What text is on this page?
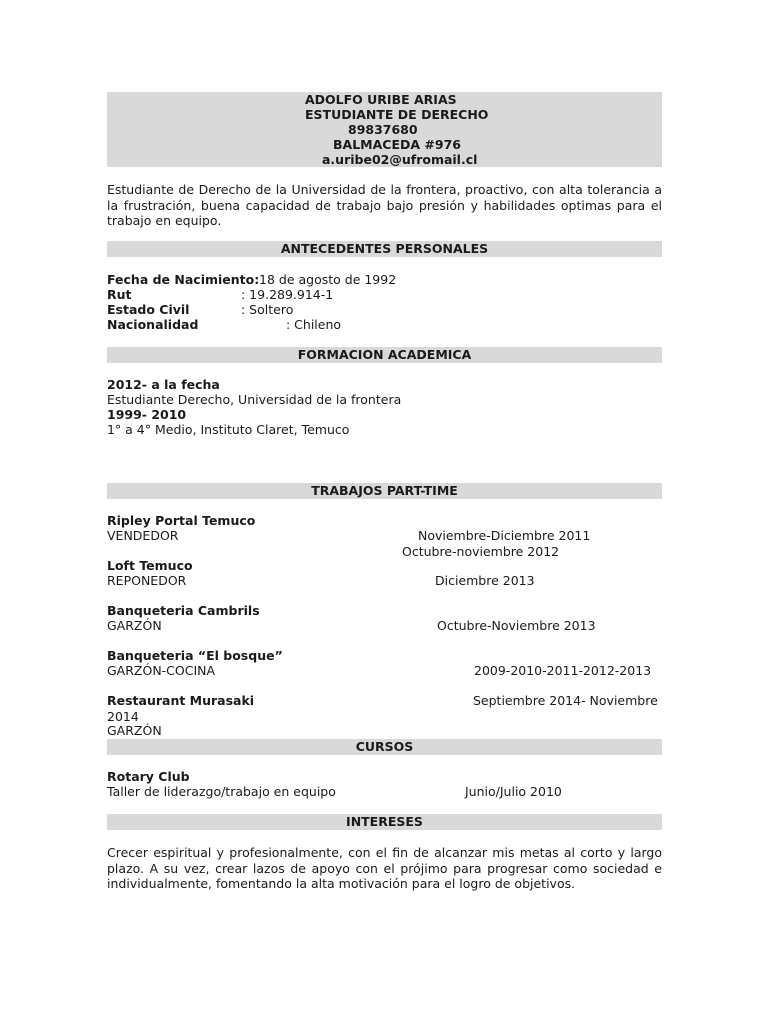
ADOLFO URIBE ARIAS
ESTUDIANTE DE DERECHO
89837680
BALMACEDA #976
a.uribe02@ufromail.cl
Estudiante de Derecho de la Universidad de la frontera, proactivo, con alta tolerancia a la frustración, buena capacidad de trabajo bajo presión y habilidades optimas para el trabajo en equipo.
ANTECEDENTES PERSONALES
Fecha de Nacimiento: 18 de agosto de 1992
Rut	: 19.289.914-1
Estado Civil	: Soltero
Nacionalidad	: Chileno
FORMACION ACADEMICA
2012- a la fecha
Estudiante Derecho, Universidad de la frontera
1999- 2010
1° a 4° Medio, Instituto Claret, Temuco
TRABAJOS PART-TIME
Ripley Portal Temuco
VENDEDOR	Noviembre-Diciembre 2011
Octubre-noviembre 2012
Loft Temuco
REPONEDOR	Diciembre 2013
Banqueteria Cambrils
GARZÓN	Octubre-Noviembre 2013
Banqueteria “El bosque”
GARZÓN-COCINA	2009-2010-2011-2012-2013
Restaurant Murasaki	Septiembre 2014- Noviembre
2014
GARZÓN
CURSOS
Rotary Club
Taller de liderazgo/trabajo en equipo	Junio/Julio 2010
INTERESES
Crecer espiritual y profesionalmente, con el fin de alcanzar mis metas al corto y largo plazo. A su vez, crear lazos de apoyo con el prójimo para progresar como sociedad e individualmente, fomentando la alta motivación para el logro de objetivos.
